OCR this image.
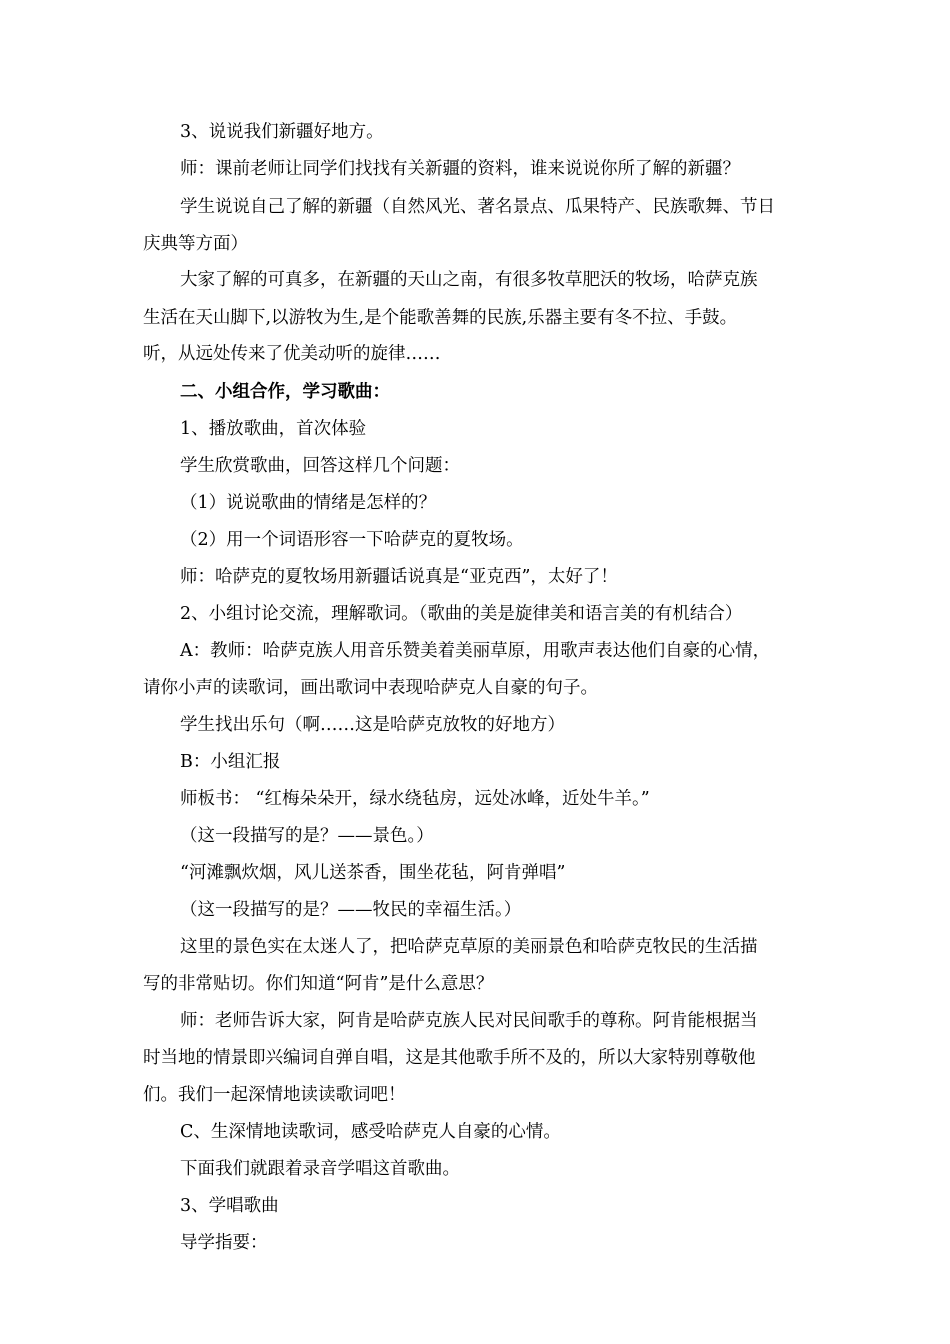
3、说说我们新疆好地方。
师：课前老师让同学们找找有关新疆的资料，谁来说说你所了解的新疆？
学生说说自己了解的新疆（自然风光、著名景点、瓜果特产、民族歌舞、节日
庆典等方面）
大家了解的可真多，在新疆的天山之南，有很多牧草肥沃的牧场，哈萨克族
生活在天山脚下,以游牧为生,是个能歌善舞的民族,乐器主要有冬不拉、手鼓。
听，从远处传来了优美动听的旋律……
二、小组合作，学习歌曲：
1、播放歌曲，首次体验
学生欣赏歌曲，回答这样几个问题：
（1）说说歌曲的情绪是怎样的？
（2）用一个词语形容一下哈萨克的夏牧场。
师：哈萨克的夏牧场用新疆话说真是“亚克西”，太好了！
2、小组讨论交流，理解歌词。（歌曲的美是旋律美和语言美的有机结合）
A：教师：哈萨克族人用音乐赞美着美丽草原，用歌声表达他们自豪的心情，
请你小声的读歌词，画出歌词中表现哈萨克人自豪的句子。
学生找出乐句（啊……这是哈萨克放牧的好地方）
B：小组汇报
师板书： “红梅朵朵开，绿水绕毡房，远处冰峰，近处牛羊。”
（这一段描写的是？——景色。）
“河滩飘炊烟，风儿送茶香，围坐花毡，阿肯弹唱”
（这一段描写的是？——牧民的幸福生活。）
这里的景色实在太迷人了，把哈萨克草原的美丽景色和哈萨克牧民的生活描
写的非常贴切。你们知道“阿肯”是什么意思？
师：老师告诉大家，阿肯是哈萨克族人民对民间歌手的尊称。阿肯能根据当
时当地的情景即兴编词自弹自唱，这是其他歌手所不及的，所以大家特别尊敬他
们。我们一起深情地读读歌词吧！
C、生深情地读歌词，感受哈萨克人自豪的心情。
下面我们就跟着录音学唱这首歌曲。
3、学唱歌曲
导学指要：
